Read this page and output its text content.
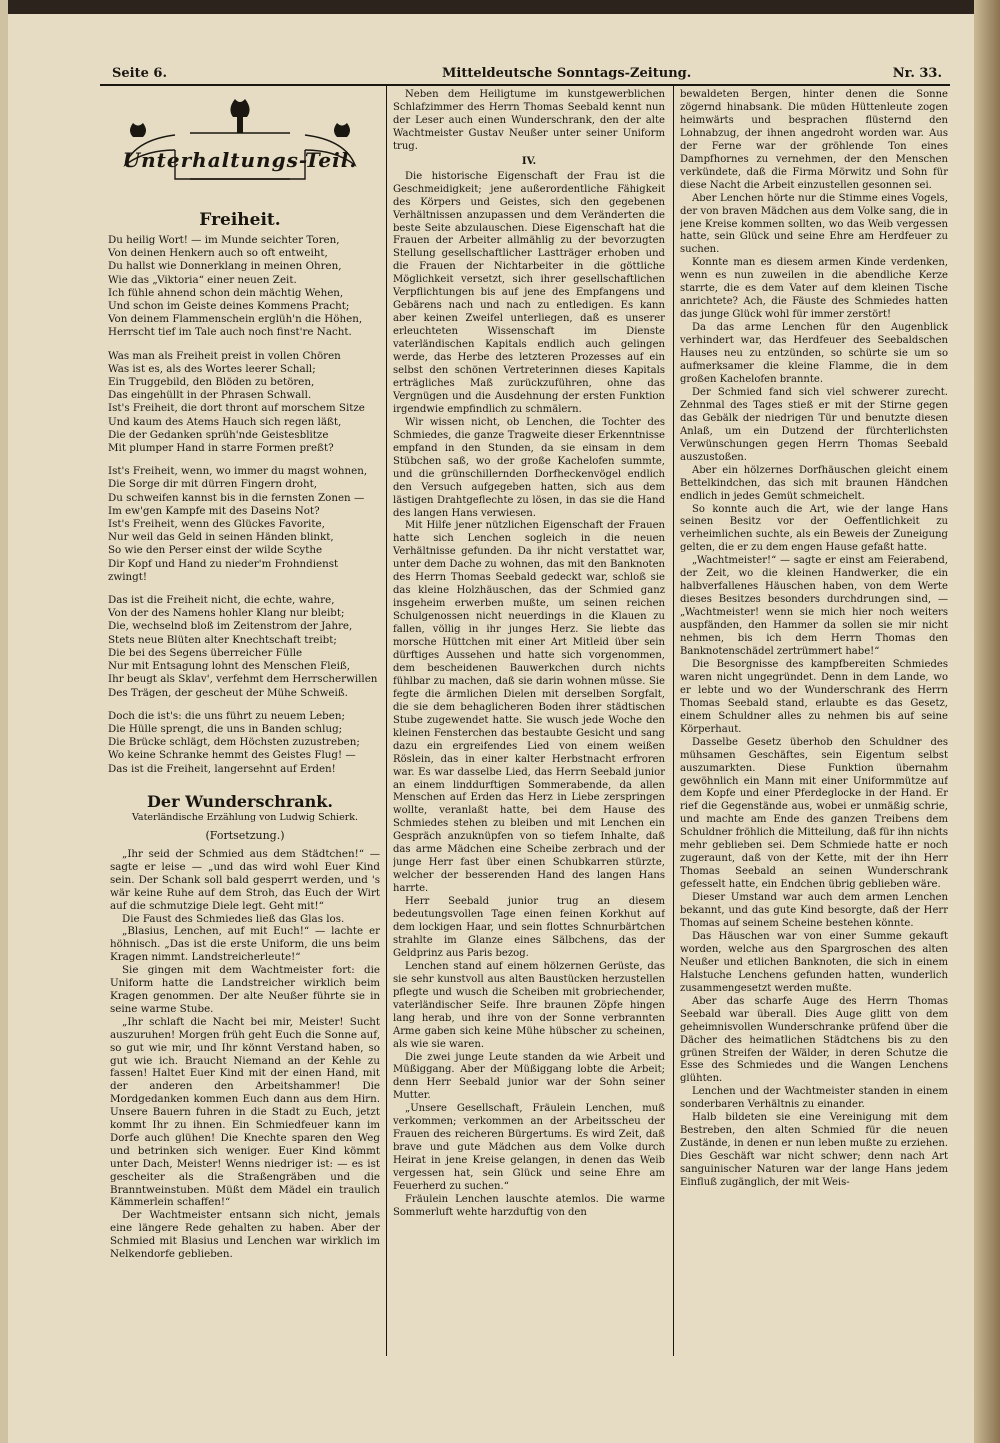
Seite 6.	Mitteldeutsche Sonntags-Zeitung.	Nr. 33.
Unterhaltungs-Teil.
Freiheit.

Du heilig Wort! — im Munde seichter Toren,
Von deinen Henkern auch so oft entweiht,
Du hallst wie Donnerklang in meinen Ohren,
Wie das „Viktoria“ einer neuen Zeit.
Ich fühle ahnend schon dein mächtig Wehen,
Und schon im Geiste deines Kommens Pracht;
Von deinem Flammenschein erglüh'n die Höhen,
Herrscht tief im Tale auch noch finst're Nacht.

Was man als Freiheit preist in vollen Chören
Was ist es, als des Wortes leerer Schall;
Ein Truggebild, den Blöden zu betören,
Das eingehüllt in der Phrasen Schwall.
Ist's Freiheit, die dort thront auf morschem Sitze
Und kaum des Atems Hauch sich regen läßt,
Die der Gedanken sprüh'nde Geistesblitze
Mit plumper Hand in starre Formen preßt?

Ist's Freiheit, wenn, wo immer du magst wohnen,
Die Sorge dir mit dürren Fingern droht,
Du schweifen kannst bis in die fernsten Zonen —
Im ew'gen Kampfe mit des Daseins Not?
Ist's Freiheit, wenn des Glückes Favorite,
Nur weil das Geld in seinen Händen blinkt,
So wie den Perser einst der wilde Scythe
Dir Kopf und Hand zu nieder'm Frohndienst zwingt!

Das ist die Freiheit nicht, die echte, wahre,
Von der des Namens hohler Klang nur bleibt;
Die, wechselnd bloß im Zeitenstrom der Jahre,
Stets neue Blüten alter Knechtschaft treibt;
Die bei des Segens überreicher Fülle
Nur mit Entsagung lohnt des Menschen Fleiß,
Ihr beugt als Sklav', verfehmt dem Herrscherwillen
Des Trägen, der gescheut der Mühe Schweiß.

Doch die ist's: die uns führt zu neuem Leben;
Die Hülle sprengt, die uns in Banden schlug;
Die Brücke schlägt, dem Höchsten zuzustreben;
Wo keine Schranke hemmt des Geistes Flug! —
Das ist die Freiheit, langersehnt auf Erden!

Der Wunderschrank.
Vaterländische Erzählung von Ludwig Schierk.
(Fortsetzung.)

„Ihr seid der Schmied aus dem Städtchen!“ — sagte er leise — „und das wird wohl Euer Kind sein. Der Schank soll bald gesperrt werden, und 's wär keine Ruhe auf dem Stroh, das Euch der Wirt auf die schmutzige Diele legt. Geht mit!“

Die Faust des Schmiedes ließ das Glas los.

„Blasius, Lenchen, auf mit Euch!“ — lachte er höhnisch. „Das ist die erste Uniform, die uns beim Kragen nimmt. Landstreicherleute!“

Sie gingen mit dem Wachtmeister fort: die Uniform hatte die Landstreicher wirklich beim Kragen genommen. Der alte Neußer führte sie in seine warme Stube.

„Ihr schlaft die Nacht bei mir, Meister! Sucht auszuruhen! Morgen früh geht Euch die Sonne auf, so gut wie mir, und Ihr könnt Verstand haben, so gut wie ich. Braucht Niemand an der Kehle zu fassen! Haltet Euer Kind mit der einen Hand, mit der anderen den Arbeitshammer! Die Mordgedanken kommen Euch dann aus dem Hirn. Unsere Bauern fuhren in die Stadt zu Euch, jetzt kommt Ihr zu ihnen. Ein Schmiedfeuer kann im Dorfe auch glühen! Die Knechte sparen den Weg und betrinken sich weniger. Euer Kind kömmt unter Dach, Meister! Wenns niedriger ist: — es ist gescheiter als die Straßengräben und die Branntweinstuben. Müßt dem Mädel ein traulich Kämmerlein schaffen!“

Der Wachtmeister entsann sich nicht, jemals eine längere Rede gehalten zu haben. Aber der Schmied mit Blasius und Lenchen war wirklich im Nelkendorfe geblieben.

Neben dem Heiligtume im kunstgewerblichen Schlafzimmer des Herrn Thomas Seebald kennt nun der Leser auch einen Wunderschrank, den der alte Wachtmeister Gustav Neußer unter seiner Uniform trug.

IV.

Die historische Eigenschaft der Frau ist die Geschmeidigkeit; jene außerordentliche Fähigkeit des Körpers und Geistes, sich den gegebenen Verhältnissen anzupassen und dem Veränderten die beste Seite abzulauschen. Diese Eigenschaft hat die Frauen der Arbeiter allmählig zu der bevorzugten Stellung gesellschaftlicher Lastträger erhoben und die Frauen der Nichtarbeiter in die göttliche Möglichkeit versetzt, sich ihrer gesellschaftlichen Verpflichtungen bis auf jene des Empfangens und Gebärens nach und nach zu entledigen. Es kann aber keinen Zweifel unterliegen, daß es unserer erleuchteten Wissenschaft im Dienste vaterländischen Kapitals endlich auch gelingen werde, das Herbe des letzteren Prozesses auf ein selbst den schönen Vertreterinnen dieses Kapitals erträgliches Maß zurückzuführen, ohne das Vergnügen und die Ausdehnung der ersten Funktion irgendwie empfindlich zu schmälern.

Wir wissen nicht, ob Lenchen, die Tochter des Schmiedes, die ganze Tragweite dieser Erkenntnisse empfand in den Stunden, da sie einsam in dem Stübchen saß, wo der große Kachelofen summte, und die grünschillernden Dorfheckenvögel endlich den Versuch aufgegeben hatten, sich aus dem lästigen Drahtgeflechte zu lösen, in das sie die Hand des langen Hans verwiesen.

Mit Hilfe jener nützlichen Eigenschaft der Frauen hatte sich Lenchen sogleich in die neuen Verhältnisse gefunden. Da ihr nicht verstattet war, unter dem Dache zu wohnen, das mit den Banknoten des Herrn Thomas Seebald gedeckt war, schloß sie das kleine Holzhäuschen, das der Schmied ganz insgeheim erwerben mußte, um seinen reichen Schulgenossen nicht neuerdings in die Klauen zu fallen, völlig in ihr junges Herz. Sie liebte das morsche Hüttchen mit einer Art Mitleid über sein dürftiges Aussehen und hatte sich vorgenommen, dem bescheidenen Bauwerkchen durch nichts fühlbar zu machen, daß sie darin wohnen müsse. Sie fegte die ärmlichen Dielen mit derselben Sorgfalt, die sie dem behaglicheren Boden ihrer städtischen Stube zugewendet hatte. Sie wusch jede Woche den kleinen Fensterchen das bestaubte Gesicht und sang dazu ein ergreifendes Lied von einem weißen Röslein, das in einer kalter Herbstnacht erfroren war. Es war dasselbe Lied, das Herrn Seebald junior an einem linddurftigen Sommerabende, da allen Menschen auf Erden das Herz in Liebe zerspringen wollte, veranlaßt hatte, bei dem Hause des Schmiedes stehen zu bleiben und mit Lenchen ein Gespräch anzuknüpfen von so tiefem Inhalte, daß das arme Mädchen eine Scheibe zerbrach und der junge Herr fast über einen Schubkarren stürzte, welcher der besserenden Hand des langen Hans harrte.

Herr Seebald junior trug an diesem bedeutungsvollen Tage einen feinen Korkhut auf dem lockigen Haar, und sein flottes Schnurbärtchen strahlte im Glanze eines Sälbchens, das der Geldprinz aus Paris bezog.

Lenchen stand auf einem hölzernen Gerüste, das sie sehr kunstvoll aus alten Baustücken herzustellen pflegte und wusch die Scheiben mit grobriechender, vaterländischer Seife. Ihre braunen Zöpfe hingen lang herab, und ihre von der Sonne verbrannten Arme gaben sich keine Mühe hübscher zu scheinen, als wie sie waren.

Die zwei junge Leute standen da wie Arbeit und Müßiggang. Aber der Müßiggang lobte die Arbeit; denn Herr Seebald junior war der Sohn seiner Mutter.

„Unsere Gesellschaft, Fräulein Lenchen, muß verkommen; verkommen an der Arbeitsscheu der Frauen des reicheren Bürgertums. Es wird Zeit, daß brave und gute Mädchen aus dem Volke durch Heirat in jene Kreise gelangen, in denen das Weib vergessen hat, sein Glück und seine Ehre am Feuerherd zu suchen.“

Fräulein Lenchen lauschte atemlos. Die warme Sommerluft wehte harzduftig von den

bewaldeten Bergen, hinter denen die Sonne zögernd hinabsank. Die müden Hüttenleute zogen heimwärts und besprachen flüsternd den Lohnabzug, der ihnen angedroht worden war. Aus der Ferne war der gröhlende Ton eines Dampfhornes zu vernehmen, der den Menschen verkündete, daß die Firma Mörwitz und Sohn für diese Nacht die Arbeit einzustellen gesonnen sei.

Aber Lenchen hörte nur die Stimme eines Vogels, der von braven Mädchen aus dem Volke sang, die in jene Kreise kommen sollten, wo das Weib vergessen hatte, sein Glück und seine Ehre am Herdfeuer zu suchen.

Konnte man es diesem armen Kinde verdenken, wenn es nun zuweilen in die abendliche Kerze starrte, die es dem Vater auf dem kleinen Tische anrichtete? Ach, die Fäuste des Schmiedes hatten das junge Glück wohl für immer zerstört!

Da das arme Lenchen für den Augenblick verhindert war, das Herdfeuer des Seebaldschen Hauses neu zu entzünden, so schürte sie um so aufmerksamer die kleine Flamme, die in dem großen Kachelofen brannte.

Der Schmied fand sich viel schwerer zurecht. Zehnmal des Tages stieß er mit der Stirne gegen das Gebälk der niedrigen Tür und benutzte diesen Anlaß, um ein Dutzend der fürchterlichsten Verwünschungen gegen Herrn Thomas Seebald auszustoßen.

Aber ein hölzernes Dorfhäuschen gleicht einem Bettelkindchen, das sich mit braunen Händchen endlich in jedes Gemüt schmeichelt.

So konnte auch die Art, wie der lange Hans seinen Besitz vor der Oeffentlichkeit zu verheimlichen suchte, als ein Beweis der Zuneigung gelten, die er zu dem engen Hause gefaßt hatte.

„Wachtmeister!“ — sagte er einst am Feierabend, der Zeit, wo die kleinen Handwerker, die ein halbverfallenes Häuschen haben, von dem Werte dieses Besitzes besonders durchdrungen sind, — „Wachtmeister! wenn sie mich hier noch weiters auspfänden, den Hammer da sollen sie mir nicht nehmen, bis ich dem Herrn Thomas den Banknotenschädel zertrümmert habe!“

Die Besorgnisse des kampfbereiten Schmiedes waren nicht ungegründet. Denn in dem Lande, wo er lebte und wo der Wunderschrank des Herrn Thomas Seebald stand, erlaubte es das Gesetz, einem Schuldner alles zu nehmen bis auf seine Körperhaut.

Dasselbe Gesetz überhob den Schuldner des mühsamen Geschäftes, sein Eigentum selbst auszumarkten. Diese Funktion übernahm gewöhnlich ein Mann mit einer Uniformmütze auf dem Kopfe und einer Pferdeglocke in der Hand. Er rief die Gegenstände aus, wobei er unmäßig schrie, und machte am Ende des ganzen Treibens dem Schuldner fröhlich die Mitteilung, daß für ihn nichts mehr geblieben sei. Dem Schmiede hatte er noch zugeraunt, daß von der Kette, mit der ihn Herr Thomas Seebald an seinen Wunderschrank gefesselt hatte, ein Endchen übrig geblieben wäre.

Dieser Umstand war auch dem armen Lenchen bekannt, und das gute Kind besorgte, daß der Herr Thomas auf seinem Scheine bestehen könnte.

Das Häuschen war von einer Summe gekauft worden, welche aus den Spargroschen des alten Neußer und etlichen Banknoten, die sich in einem Halstuche Lenchens gefunden hatten, wunderlich zusammengesetzt werden mußte.

Aber das scharfe Auge des Herrn Thomas Seebald war überall. Dies Auge glitt von dem geheimnisvollen Wunderschranke prüfend über die Dächer des heimatlichen Städtchens bis zu den grünen Streifen der Wälder, in deren Schutze die Esse des Schmiedes und die Wangen Lenchens glühten.

Lenchen und der Wachtmeister standen in einem sonderbaren Verhältnis zu einander.

Halb bildeten sie eine Vereinigung mit dem Bestreben, den alten Schmied für die neuen Zustände, in denen er nun leben mußte zu erziehen. Dies Geschäft war nicht schwer; denn nach Art sanguinischer Naturen war der lange Hans jedem Einfluß zugänglich, der mit Weis-
